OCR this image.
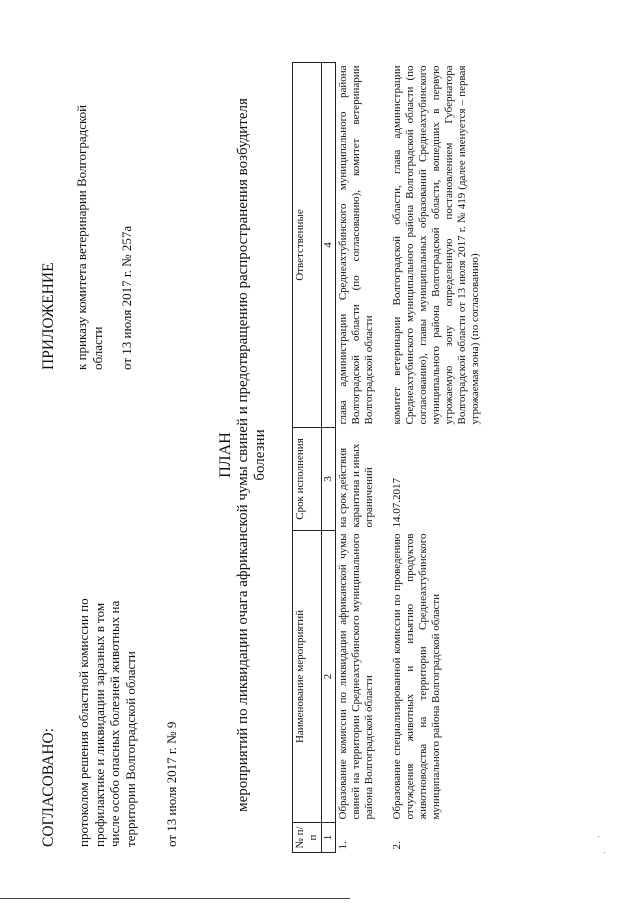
СОГЛАСОВАНО: протоколом решения областной комиссии по профилактике и ликвидации заразных в том числе особо опасных болезней животных на территории Волгоградской области от 13 июля 2017 г. № 9
ПРИЛОЖЕНИЕ к приказу комитета ветеринарии Волгоградской области от 13 июля 2017 г. № 257а
ПЛАН мероприятий по ликвидации очага африканской чумы свиней и предотвращению распространения возбудителя болезни
№ п/п	Наименование мероприятий	Срок исполнения	Ответственные
1	2	3	4
1.	Образование комиссии по ликвидации африканской чумы свиней на территории Среднеахтубинского муниципального района Волгоградской области	на срок действия карантина и иных ограничений	глава администрации Среднеахтубинского муниципального района Волгоградской области (по согласованию), комитет ветеринарии Волгоградской области
2.	Образование специализированной комиссии по проведению отчуждения животных и изъятию продуктов животноводства на территории Среднеахтубинского муниципального района Волгоградской области	14.07.2017	комитет ветеринарии Волгоградской области, глава администрации Среднеахтубинского муниципального района Волгоградской области (по согласованию), главы муниципальных образований Среднеахтубинского муниципального района Волгоградской области, вошедших в первую угрожаемую зону определенную постановлением Губернатора Волгоградской области от 13 июля 2017 г. № 419 (далее именуется – первая угрожаемая зона) (по согласованию)
